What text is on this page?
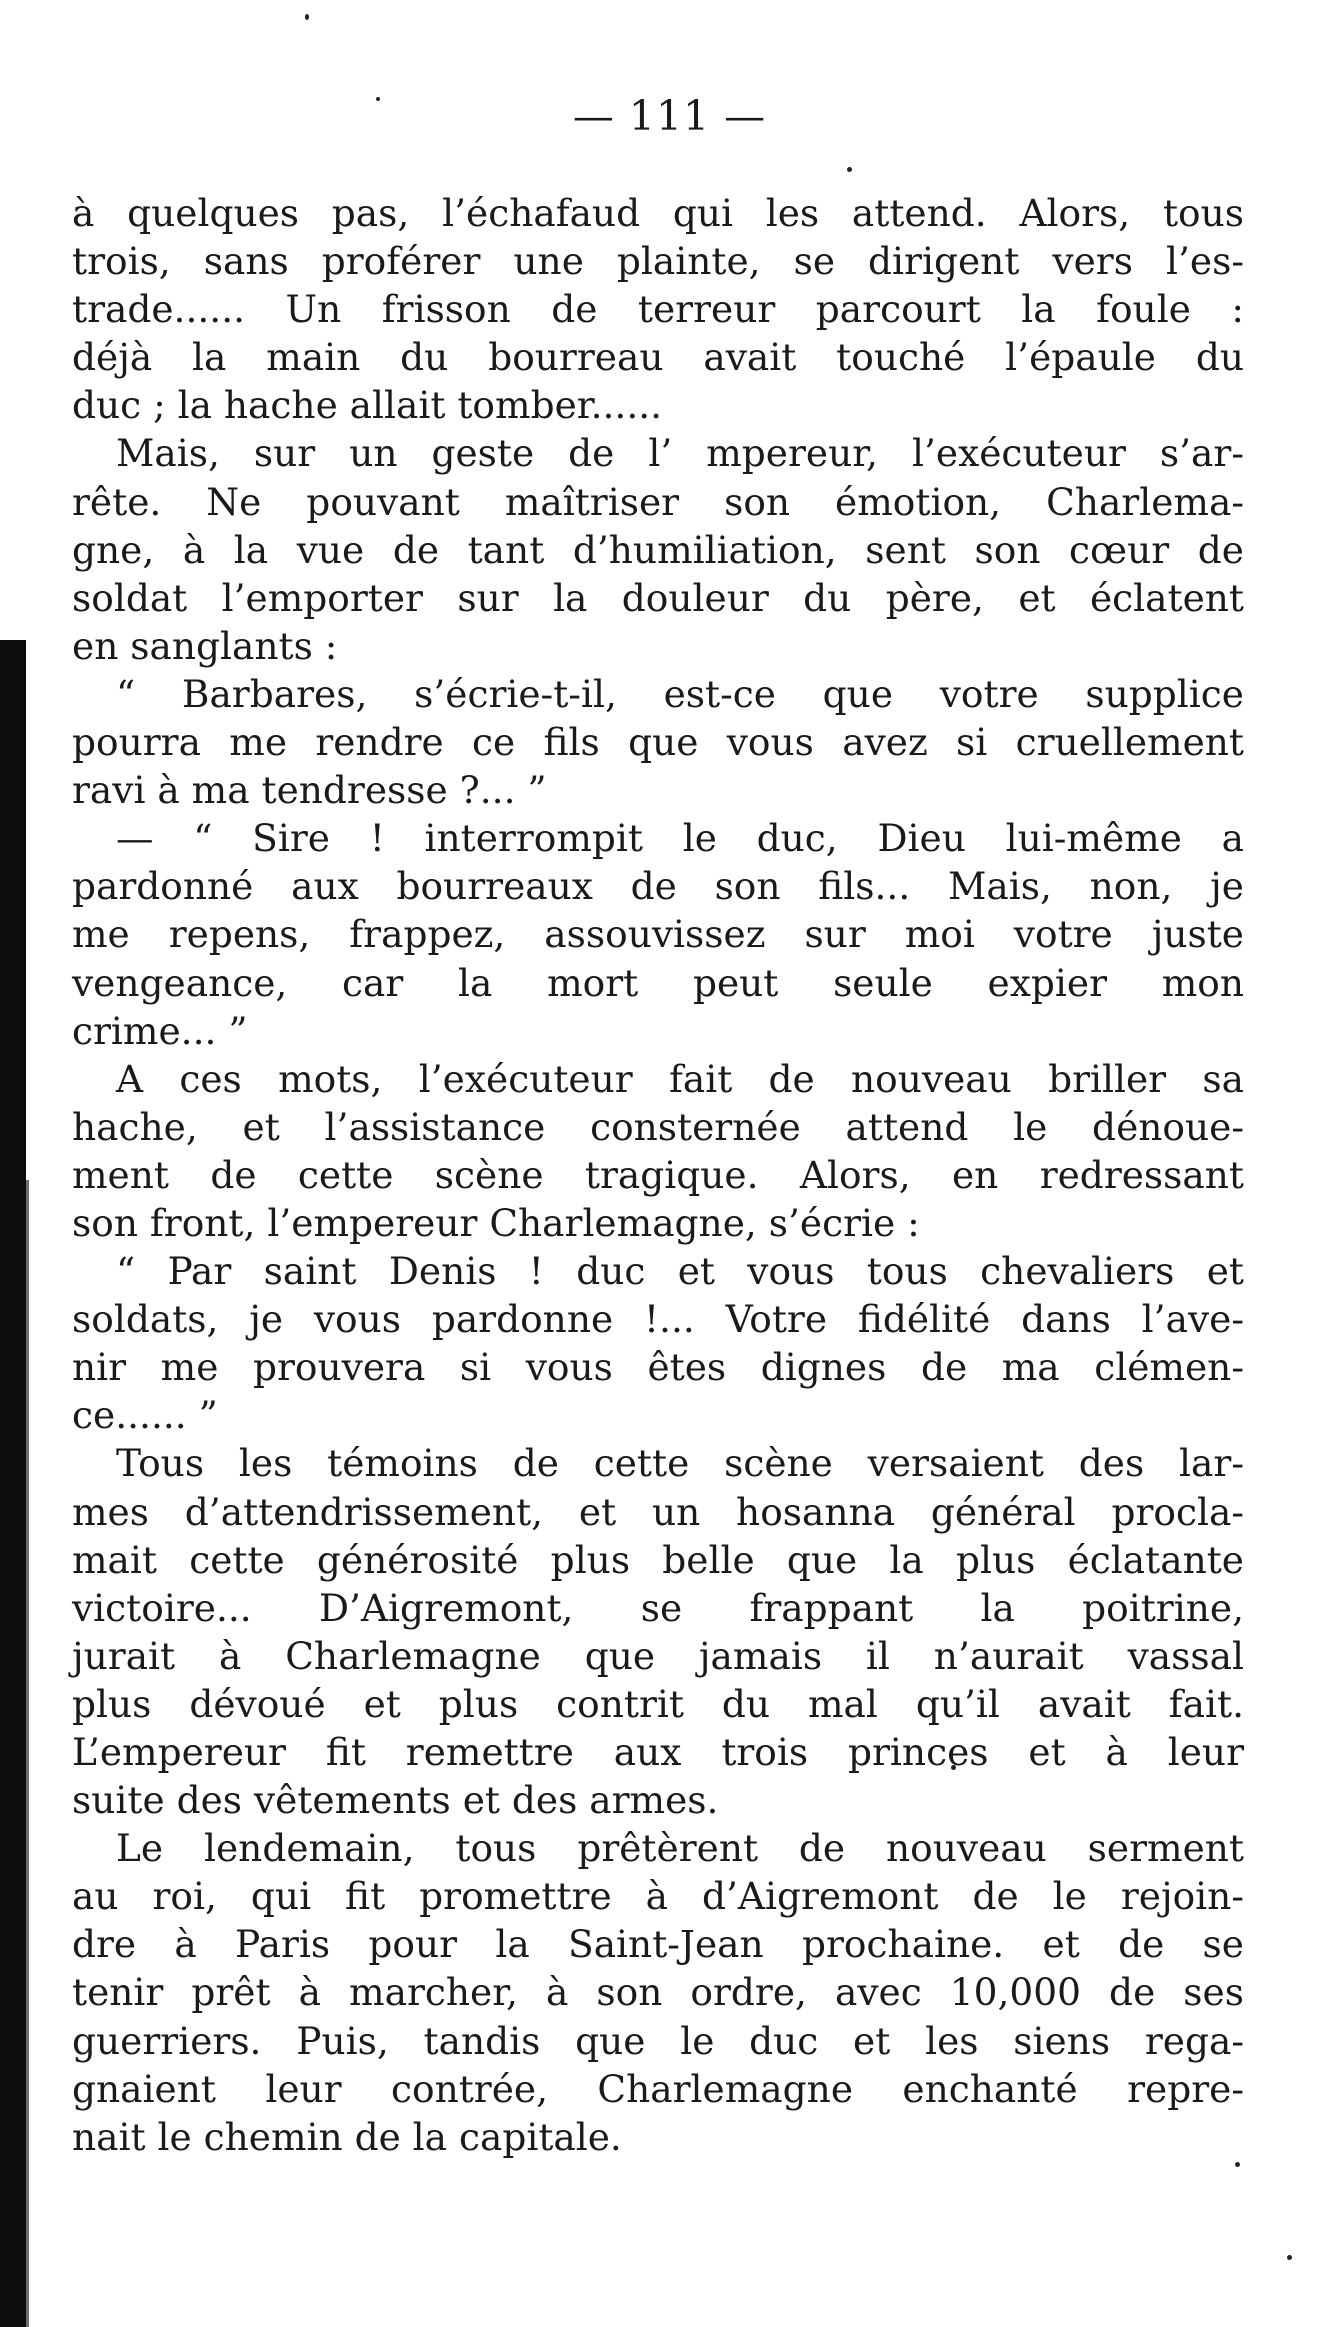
— 111 —
à quelques pas, l’échafaud qui les attend. Alors, tous
trois, sans proférer une plainte, se dirigent vers l’es-
trade...... Un frisson de terreur parcourt la foule :
déjà la main du bourreau avait touché l’épaule du
duc ; la hache allait tomber......
Mais, sur un geste de l’ mpereur, l’exécuteur s’ar-
rête. Ne pouvant maîtriser son émotion, Charlema-
gne, à la vue de tant d’humiliation, sent son cœur de
soldat l’emporter sur la douleur du père, et éclatent
en sanglants :
“ Barbares, s’écrie-t-il, est-ce que votre supplice
pourra me rendre ce fils que vous avez si cruellement
ravi à ma tendresse ?... ”
— “ Sire ! interrompit le duc, Dieu lui-même a
pardonné aux bourreaux de son fils... Mais, non, je
me repens, frappez, assouvissez sur moi votre juste
vengeance, car la mort peut seule expier mon
crime... ”
A ces mots, l’exécuteur fait de nouveau briller sa
hache, et l’assistance consternée attend le dénoue-
ment de cette scène tragique. Alors, en redressant
son front, l’empereur Charlemagne, s’écrie :
“ Par saint Denis ! duc et vous tous chevaliers et
soldats, je vous pardonne !... Votre fidélité dans l’ave-
nir me prouvera si vous êtes dignes de ma clémen-
ce...... ”
Tous les témoins de cette scène versaient des lar-
mes d’attendrissement, et un hosanna général procla-
mait cette générosité plus belle que la plus éclatante
victoire... D’Aigremont, se frappant la poitrine,
jurait à Charlemagne que jamais il n’aurait vassal
plus dévoué et plus contrit du mal qu’il avait fait.
L’empereur fit remettre aux trois princes et à leur
suite des vêtements et des armes.
Le lendemain, tous prêtèrent de nouveau serment
au roi, qui fit promettre à d’Aigremont de le rejoin-
dre à Paris pour la Saint-Jean prochaine. et de se
tenir prêt à marcher, à son ordre, avec 10,000 de ses
guerriers. Puis, tandis que le duc et les siens rega-
gnaient leur contrée, Charlemagne enchanté repre-
nait le chemin de la capitale.
